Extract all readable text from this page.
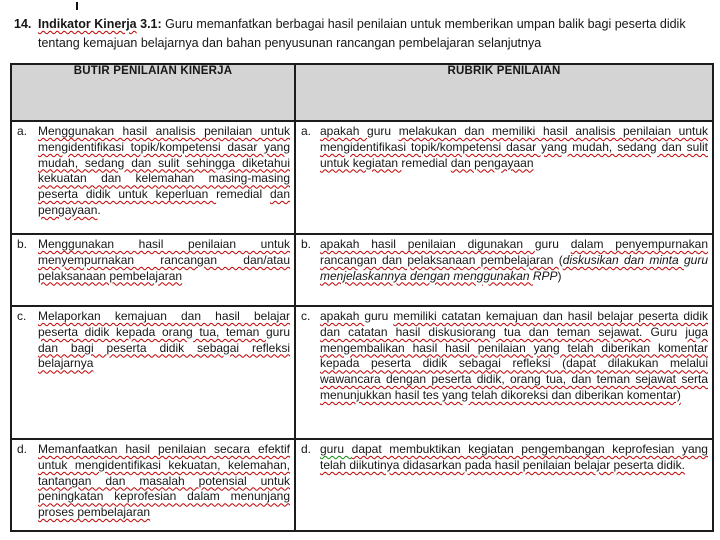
14. Indikator Kinerja 3.1: Guru memanfatkan berbagai hasil penilaian untuk memberikan umpan balik bagi peserta didik tentang kemajuan belajarnya dan bahan penyusunan rancangan pembelajaran selanjutnya
BUTIR PENILAIAN KINERJA	RUBRIK PENILAIAN

a. Menggunakan hasil analisis penilaian untuk mengidentifikasi topik/kompetensi dasar yang mudah, sedang dan sulit sehingga diketahui kekuatan dan kelemahan masing-masing peserta didik untuk keperluan remedial dan pengayaan.	a. apakah guru melakukan dan memiliki hasil analisis penilaian untuk mengidentifikasi topik/kompetensi dasar yang mudah, sedang dan sulit untuk kegiatan remedial dan pengayaan

b. Menggunakan hasil penilaian untuk menyempurnakan rancangan dan/atau pelaksanaan pembelajaran	b. apakah hasil penilaian digunakan guru dalam penyempurnakan rancangan dan pelaksanaan pembelajaran (diskusikan dan minta guru menjelaskannya dengan menggunakan RPP)

c. Melaporkan kemajuan dan hasil belajar peserta didik kepada orang tua, teman guru dan bagi peserta didik sebagai refleksi belajarnya	c. apakah guru memiliki catatan kemajuan dan hasil belajar peserta didik dan catatan hasil diskusiorang tua dan teman sejawat. Guru juga mengembalikan hasil hasil penilaian yang telah diberikan komentar kepada peserta didik sebagai refleksi (dapat dilakukan melalui wawancara dengan peserta didik, orang tua, dan teman sejawat serta menunjukkan hasil tes yang telah dikoreksi dan diberikan komentar)

d. Memanfaatkan hasil penilaian secara efektif untuk mengidentifikasi kekuatan, kelemahan, tantangan dan masalah potensial untuk peningkatan keprofesian dalam menunjang proses pembelajaran	d. guru dapat membuktikan kegiatan pengembangan keprofesian yang telah diikutinya didasarkan pada hasil penilaian belajar peserta didik.
